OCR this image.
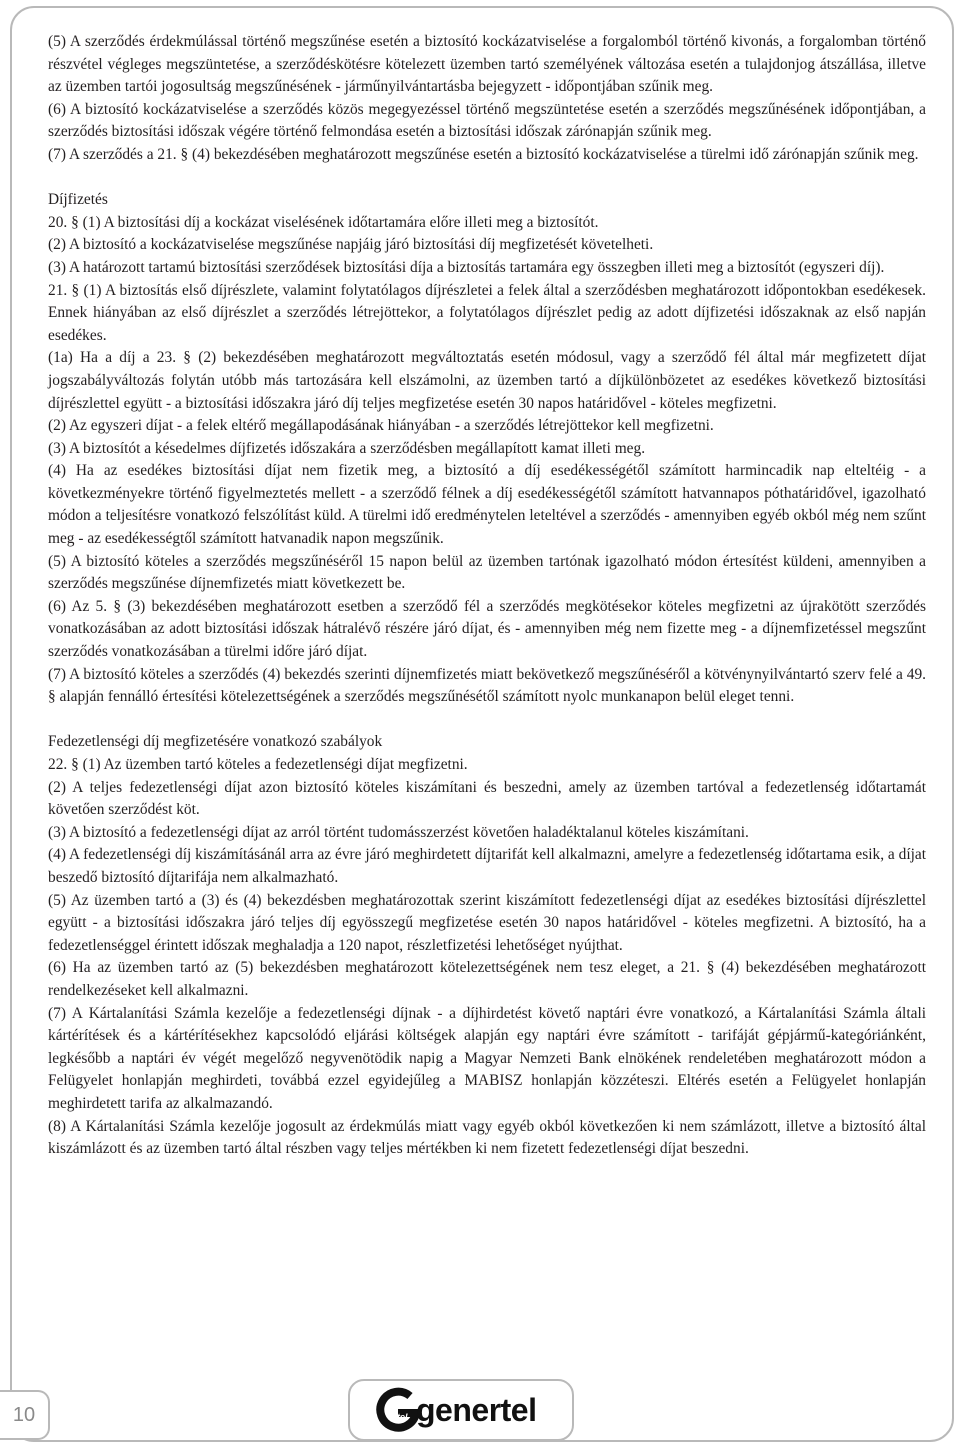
(5) A szerződés érdekmúlással történő megszűnése esetén a biztosító kockázatviselése a forgalomból történő kivonás, a forgalomban történő részvétel végleges megszüntetése, a szerződéskötésre kötelezett üzemben tartó személyének változása esetén a tulajdonjog átszállása, illetve az üzemben tartói jogosultság megszűnésének - járműnyilvántartásba bejegyzett - időpontjában szűnik meg.

(6) A biztosító kockázatviselése a szerződés közös megegyezéssel történő megszüntetése esetén a szerződés megszűnésének időpontjában, a szerződés biztosítási időszak végére történő felmondása esetén a biztosítási időszak zárónapján szűnik meg.

(7) A szerződés a 21. § (4) bekezdésében meghatározott megszűnése esetén a biztosító kockázatviselése a türelmi idő zárónapján szűnik meg.

Díjfizetés

20. § (1) A biztosítási díj a kockázat viselésének időtartamára előre illeti meg a biztosítót.

(2) A biztosító a kockázatviselése megszűnése napjáig járó biztosítási díj megfizetését követelheti.

(3) A határozott tartamú biztosítási szerződések biztosítási díja a biztosítás tartamára egy összegben illeti meg a biztosítót (egyszeri díj).

21. § (1) A biztosítás első díjrészlete, valamint folytatólagos díjrészletei a felek által a szerződésben meghatározott időpontokban esedékesek. Ennek hiányában az első díjrészlet a szerződés létrejöttekor, a folytatólagos díjrészlet pedig az adott díjfizetési időszaknak az első napján esedékes.

(1a) Ha a díj a 23. § (2) bekezdésében meghatározott megváltoztatás esetén módosul, vagy a szerződő fél által már megfizetett díjat jogszabályváltozás folytán utóbb más tartozására kell elszámolni, az üzemben tartó a díjkülönbözetet az esedékes következő biztosítási díjrészlettel együtt - a biztosítási időszakra járó díj teljes megfizetése esetén 30 napos határidővel - köteles megfizetni.

(2) Az egyszeri díjat - a felek eltérő megállapodásának hiányában - a szerződés létrejöttekor kell megfizetni.

(3) A biztosítót a késedelmes díjfizetés időszakára a szerződésben megállapított kamat illeti meg.

(4) Ha az esedékes biztosítási díjat nem fizetik meg, a biztosító a díj esedékességétől számított harmincadik nap elteltéig - a következményekre történő figyelmeztetés mellett - a szerződő félnek a díj esedékességétől számított hatvannapos póthatáridővel, igazolható módon a teljesítésre vonatkozó felszólítást küld. A türelmi idő eredménytelen leteltével a szerződés - amennyiben egyéb okból még nem szűnt meg - az esedékességtől számított hatvanadik napon megszűnik.

(5) A biztosító köteles a szerződés megszűnéséről 15 napon belül az üzemben tartónak igazolható módon értesítést küldeni, amennyiben a szerződés megszűnése díjnemfizetés miatt következett be.

(6) Az 5. § (3) bekezdésében meghatározott esetben a szerződő fél a szerződés megkötésekor köteles megfizetni az újrakötött szerződés vonatkozásában az adott biztosítási időszak hátralévő részére járó díjat, és - amennyiben még nem fizette meg - a díjnemfizetéssel megszűnt szerződés vonatkozásában a türelmi időre járó díjat.

(7) A biztosító köteles a szerződés (4) bekezdés szerinti díjnemfizetés miatt bekövetkező megszűnéséről a kötvénynyilvántartó szerv felé a 49. § alapján fennálló értesítési kötelezettségének a szerződés megszűnésétől számított nyolc munkanapon belül eleget tenni.

Fedezetlenségi díj megfizetésére vonatkozó szabályok

22. § (1) Az üzemben tartó köteles a fedezetlenségi díjat megfizetni.

(2) A teljes fedezetlenségi díjat azon biztosító köteles kiszámítani és beszedni, amely az üzemben tartóval a fedezetlenség időtartamát követően szerződést köt.

(3) A biztosító a fedezetlenségi díjat az arról történt tudomásszerzést követően haladéktalanul köteles kiszámítani.

(4) A fedezetlenségi díj kiszámításánál arra az évre járó meghirdetett díjtarifát kell alkalmazni, amelyre a fedezetlenség időtartama esik, a díjat beszedő biztosító díjtarifája nem alkalmazható.

(5) Az üzemben tartó a (3) és (4) bekezdésben meghatározottak szerint kiszámított fedezetlenségi díjat az esedékes biztosítási díjrészlettel együtt - a biztosítási időszakra járó teljes díj egyösszegű megfizetése esetén 30 napos határidővel - köteles megfizetni. A biztosító, ha a fedezetlenséggel érintett időszak meghaladja a 120 napot, részletfizetési lehetőséget nyújthat.

(6) Ha az üzemben tartó az (5) bekezdésben meghatározott kötelezettségének nem tesz eleget, a 21. § (4) bekezdésében meghatározott rendelkezéseket kell alkalmazni.

(7) A Kártalanítási Számla kezelője a fedezetlenségi díjnak - a díjhirdetést követő naptári évre vonatkozó, a Kártalanítási Számla általi kártérítések és a kártérítésekhez kapcsolódó eljárási költségek alapján egy naptári évre számított - tarifáját gépjármű-kategóriánként, legkésőbb a naptári év végét megelőző negyvenötödik napig a Magyar Nemzeti Bank elnökének rendeletében meghatározott módon a Felügyelet honlapján meghirdeti, továbbá ezzel egyidejűleg a MABISZ honlapján közzéteszi. Eltérés esetén a Felügyelet honlapján meghirdetett tarifa az alkalmazandó.

(8) A Kártalanítási Számla kezelője jogosult az érdekmúlás miatt vagy egyéb okból következően ki nem számlázott, illetve a biztosító által kiszámlázott és az üzemben tartó által részben vagy teljes mértékben ki nem fizetett fedezetlenségi díjat beszedni.

10	tel genertel
